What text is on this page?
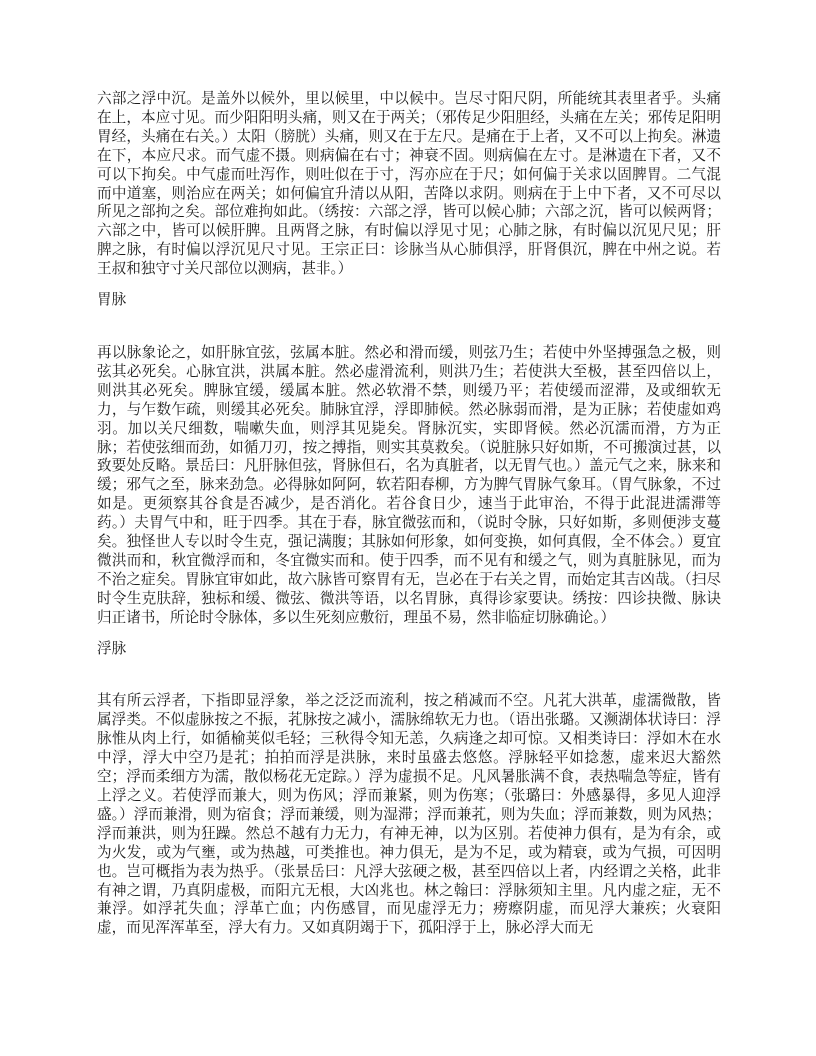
六部之浮中沉。是盖外以候外，里以候里，中以候中。岂尽寸阳尺阴，所能统其表里者乎。头痛在上，本应寸见。而少阳阳明头痛，则又在于两关；（邪传足少阳胆经，头痛在左关；邪传足阳明胃经，头痛在右关。）太阳（膀胱）头痛，则又在于左尺。是痛在于上者，又不可以上拘矣。淋遗在下，本应尺求。而气虚不摄。则病偏在右寸；神衰不固。则病偏在左寸。是淋遗在下者，又不可以下拘矣。中气虚而吐泻作，则吐似在于寸，泻亦应在于尺；如何偏于关求以固脾胃。二气混而中道塞，则治应在两关；如何偏宜升清以从阳，苦降以求阴。则病在于上中下者，又不可尽以所见之部拘之矣。部位难拘如此。（绣按：六部之浮，皆可以候心肺；六部之沉，皆可以候两肾；六部之中，皆可以候肝脾。且两肾之脉，有时偏以浮见寸见；心肺之脉，有时偏以沉见尺见；肝脾之脉，有时偏以浮沉见尺寸见。王宗正曰：诊脉当从心肺俱浮，肝肾俱沉，脾在中州之说。若王叔和独守寸关尺部位以测病，甚非。）

胃脉

再以脉象论之，如肝脉宜弦，弦属本脏。然必和滑而缓，则弦乃生；若使中外坚搏强急之极，则弦其必死矣。心脉宜洪，洪属本脏。然必虚滑流利，则洪乃生；若使洪大至极，甚至四倍以上，则洪其必死矣。脾脉宜缓，缓属本脏。然必软滑不禁，则缓乃平；若使缓而涩滞，及或细软无力，与乍数乍疏，则缓其必死矣。肺脉宜浮，浮即肺候。然必脉弱而滑，是为正脉；若使虚如鸡羽。加以关尺细数，喘嗽失血，则浮其见毙矣。肾脉沉实，实即肾候。然必沉濡而滑，方为正脉；若使弦细而劲，如循刀刃，按之搏指，则实其莫救矣。（说脏脉只好如斯，不可搬演过甚，以致要处反略。景岳曰：凡肝脉但弦，肾脉但石，名为真脏者，以无胃气也。）盖元气之来，脉来和缓；邪气之至，脉来劲急。必得脉如阿阿，软若阳春柳，方为脾气胃脉气象耳。（胃气脉象，不过如是。更须察其谷食是否减少，是否消化。若谷食日少，速当于此审治，不得于此混进濡滞等药。）夫胃气中和，旺于四季。其在于春，脉宜微弦而和，（说时令脉，只好如斯，多则便涉支蔓矣。独怪世人专以时令生克，强记满腹；其脉如何形象，如何变换，如何真假，全不体会。）夏宜微洪而和，秋宜微浮而和，冬宜微实而和。使于四季，而不见有和缓之气，则为真脏脉见，而为不治之症矣。胃脉宜审如此，故六脉皆可察胃有无，岂必在于右关之胃，而始定其吉凶哉。（扫尽时令生克肤辞，独标和缓、微弦、微洪等语，以名胃脉，真得诊家要诀。绣按：四诊抉微、脉诀归正诸书，所论时令脉体，多以生死刻应敷衍，理虽不易，然非临症切脉确论。）

浮脉

其有所云浮者，下指即显浮象，举之泛泛而流利，按之稍减而不空。凡芤大洪革，虚濡微散，皆属浮类。不似虚脉按之不振，芤脉按之减小，濡脉绵软无力也。（语出张璐。又濒湖体状诗曰：浮脉惟从肉上行，如循榆荚似毛轻；三秋得令知无恙，久病逢之却可惊。又相类诗曰：浮如木在水中浮，浮大中空乃是芤；拍拍而浮是洪脉，来时虽盛去悠悠。浮脉轻平如捻葱，虚来迟大豁然空；浮而柔细方为濡，散似杨花无定踪。）浮为虚损不足。凡风暑胀满不食，表热喘急等症，皆有上浮之义。若使浮而兼大，则为伤风；浮而兼紧，则为伤寒；（张璐曰：外感暴得，多见人迎浮盛。）浮而兼滑，则为宿食；浮而兼缓，则为湿滞；浮而兼芤，则为失血；浮而兼数，则为风热；浮而兼洪，则为狂躁。然总不越有力无力，有神无神，以为区别。若使神力俱有，是为有余，或为火发，或为气壅，或为热越，可类推也。神力俱无，是为不足，或为精衰，或为气损，可因明也。岂可概指为表为热乎。（张景岳曰：凡浮大弦硬之极，甚至四倍以上者，内经谓之关格，此非有神之谓，乃真阴虚极，而阳亢无根，大凶兆也。林之翰曰：浮脉须知主里。凡内虚之症，无不兼浮。如浮芤失血；浮革亡血；内伤感冒，而见虚浮无力；痨瘵阴虚，而见浮大兼疾；火衰阳虚，而见浑浑革至，浮大有力。又如真阴竭于下，孤阳浮于上，脉必浮大而无
